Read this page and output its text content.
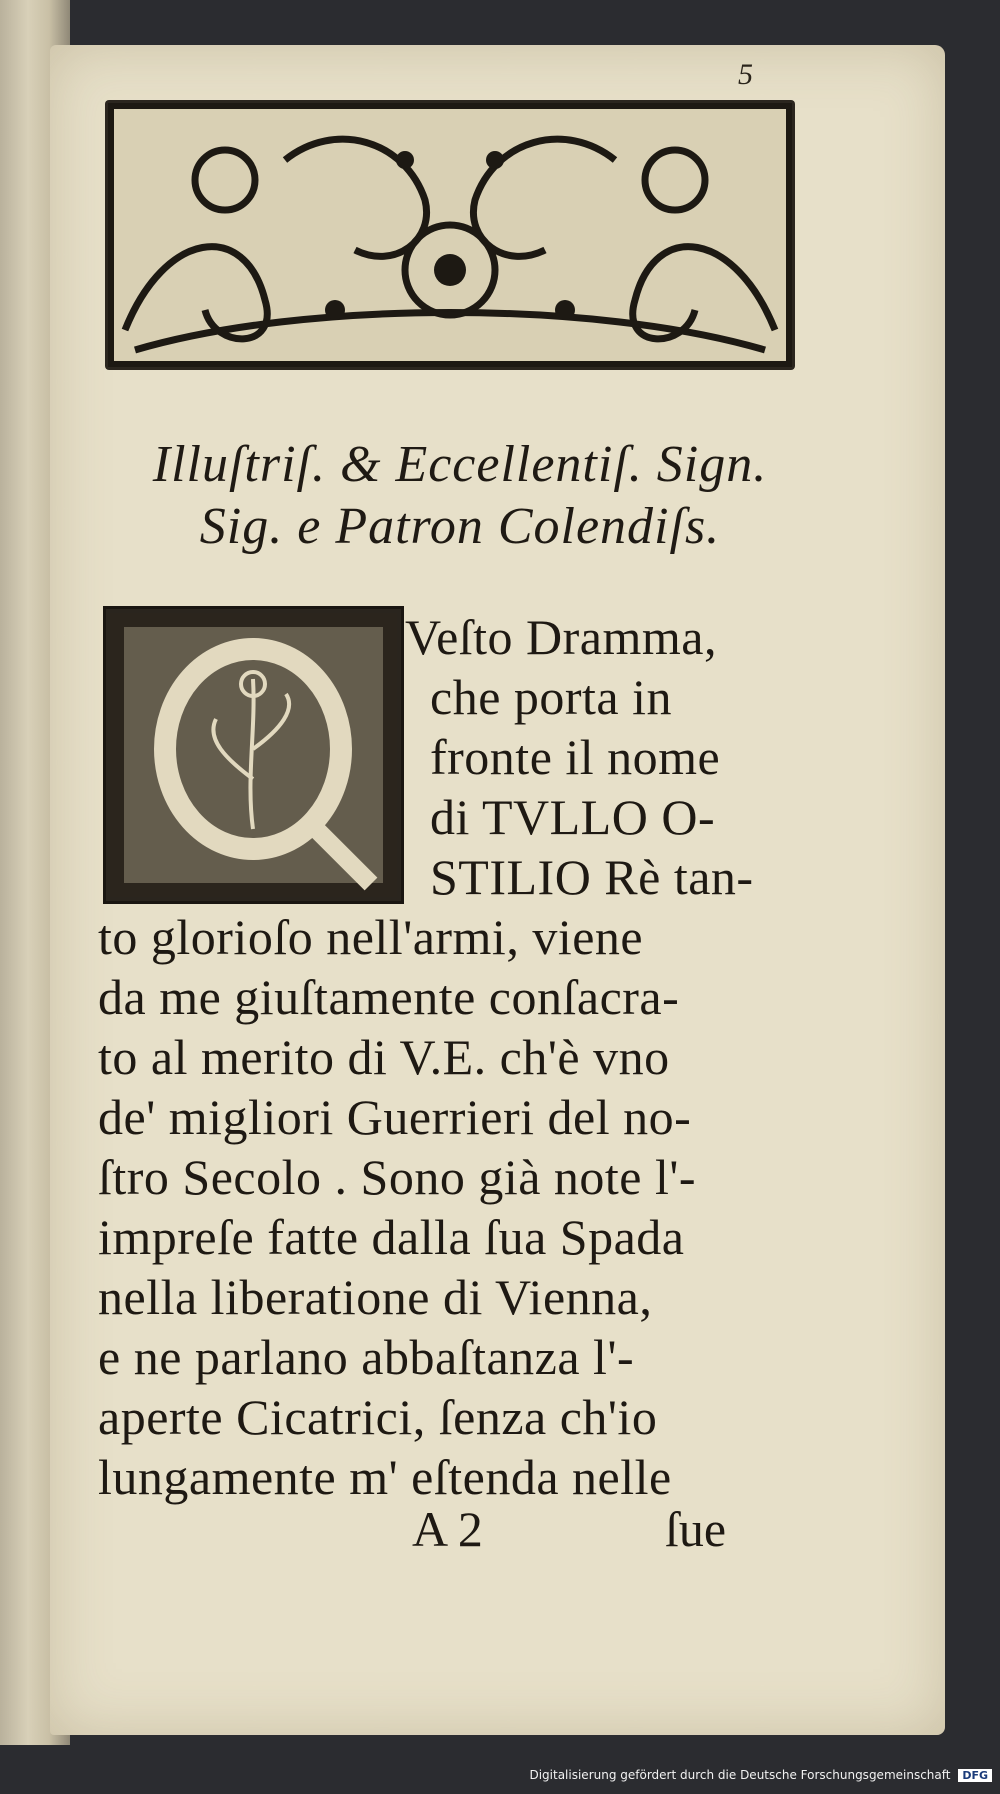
5
Illuſtriſ. & Eccellentiſ. Sign.
Sig. e Patron Colendiſs.
Veſto Dramma,
che porta in
fronte il nome
di TVLLO O-
STILIO Rè tan-
to glorioſo nell'armi, viene
da me giuſtamente conſacra-
to al merito di V.E. ch'è vno
de' migliori Guerrieri del no-
ſtro Secolo . Sono già note l'-
impreſe fatte dalla ſua Spada
nella liberatione di Vienna,
e ne parlano abbaſtanza l'-
aperte Cicatrici, ſenza ch'io
lungamente m' eſtenda nelle
A 2	ſue
Digitalisierung gefördert durch die Deutsche Forschungsgemeinschaft DFG
